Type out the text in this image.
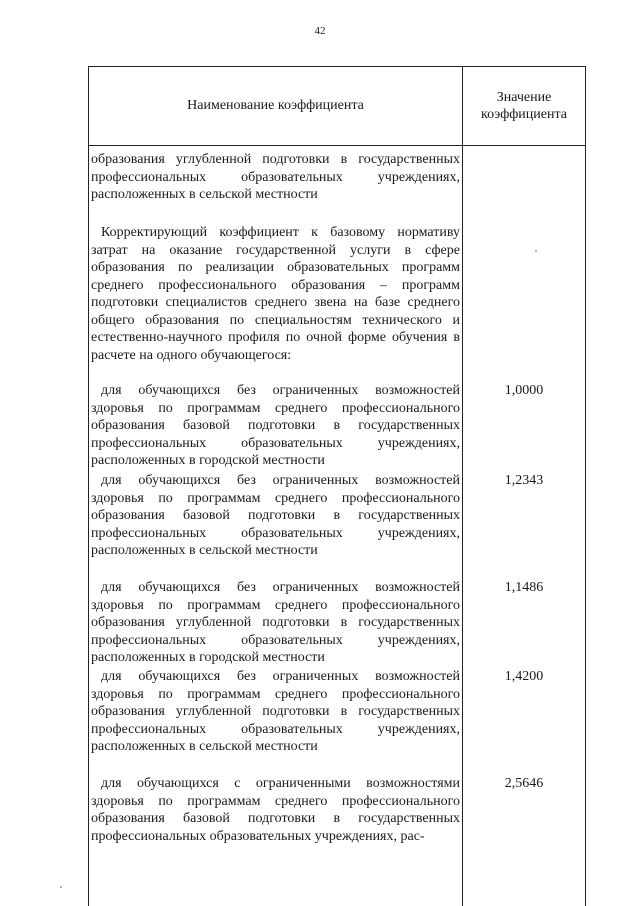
42
Наименование коэффициента
Значение
коэффициента

образования углубленной подготовки в государственных профессиональных образовательных учреждениях, расположенных в сельской местности

Корректирующий коэффициент к базовому нормативу затрат на оказание государственной услуги в сфере образования по реализации образовательных программ среднего профессионального образования – программ подготовки специалистов среднего звена на базе среднего общего образования по специальностям технического и естественно-научного профиля по очной форме обучения в расчете на одного обучающегося:

для обучающихся без ограниченных возможностей здоровья по программам среднего профессионального образования базовой подготовки в государственных профессиональных образовательных учреждениях, расположенных в городской местности

1,0000

для обучающихся без ограниченных возможностей здоровья по программам среднего профессионального образования базовой подготовки в государственных профессиональных образовательных учреждениях, расположенных в сельской местности

1,2343

для обучающихся без ограниченных возможностей здоровья по программам среднего профессионального образования углубленной подготовки в государственных профессиональных образовательных учреждениях, расположенных в городской местности

1,1486

для обучающихся без ограниченных возможностей здоровья по программам среднего профессионального образования углубленной подготовки в государственных профессиональных образовательных учреждениях, расположенных в сельской местности

1,4200

для обучающихся с ограниченными возможностями здоровья по программам среднего профессионального образования базовой подготовки в государственных профессиональных образовательных учреждениях, рас-

2,5646
